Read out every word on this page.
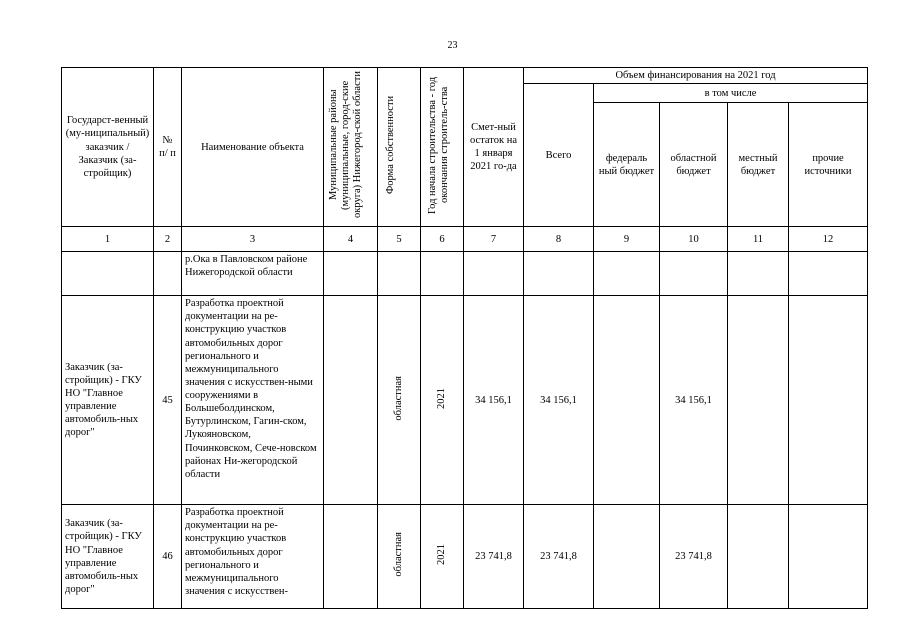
23
Государст-венный (му-ниципальный) заказчик / Заказчик (за-стройщик)	№ п/ п	Наименование объекта	Муниципальные районы (муниципальные, город-ские округа) Нижегород-ской области	Форма собственности	Год начала строительства - год окончания строитель-ства	Смет-ный остаток на 1 января 2021 го-да	Объем финансирования на 2021 год				
							Всего	в том числе			
								федераль ный бюджет	областной бюджет	местный бюджет	прочие источники
1	2	3	4	5	6	7	8	9	10	11	12
		р.Ока в Павловском районе Нижегородской области									
Заказчик (за-стройщик) - ГКУ НО "Главное управление автомобиль-ных дорог"	45	Разработка проектной документации на ре-конструкцию участков автомобильных дорог регионального и межмуниципального значения с искусствен-ными сооружениями в Большеболдинском, Бутурлинском, Гагин-ском, Лукояновском, Починковском, Сече-новском районах Ни-жегородской области		областная	2021	34 156,1	34 156,1		34 156,1		
Заказчик (за-стройщик) - ГКУ НО "Главное управление автомобиль-ных дорог"	46	Разработка проектной документации на ре-конструкцию участков автомобильных дорог регионального и межмуниципального значения с искусствен-		областная	2021	23 741,8	23 741,8		23 741,8		
